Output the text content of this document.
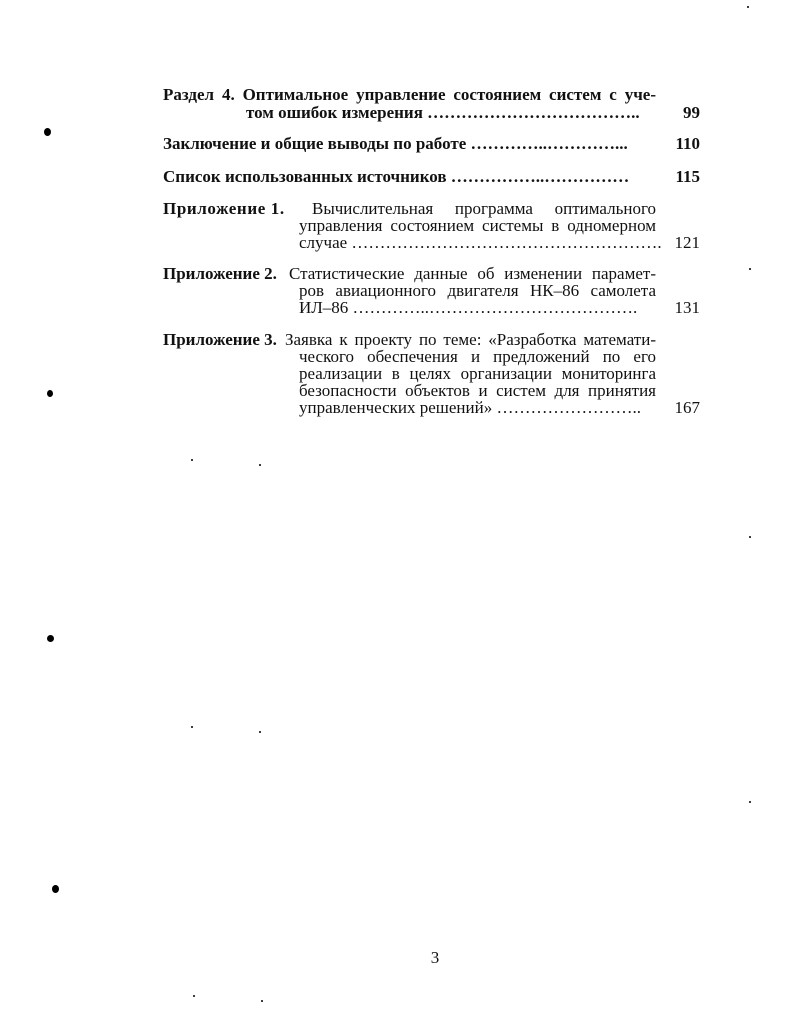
Раздел 4. Оптимальное управление состоянием систем с уче-
том ошибок измерения ………………………………..	99
Заключение и общие выводы по работе …………..…………...	110
Список использованных источников ……………..……………	115
Приложение 1. Вычислительная программа оптимального
управления состоянием системы в одномерном
случае ………………………………………………. 121
Приложение 2. Статистические данные об изменении парамет-
ров авиационного двигателя НК–86 самолета
ИЛ–86 …………..……………………………….	131
Приложение 3. Заявка к проекту по теме: «Разработка математи-
ческого обеспечения и предложений по его
реализации в целях организации мониторинга
безопасности объектов и систем для принятия
управленческих решений» ……………………..	167
3
